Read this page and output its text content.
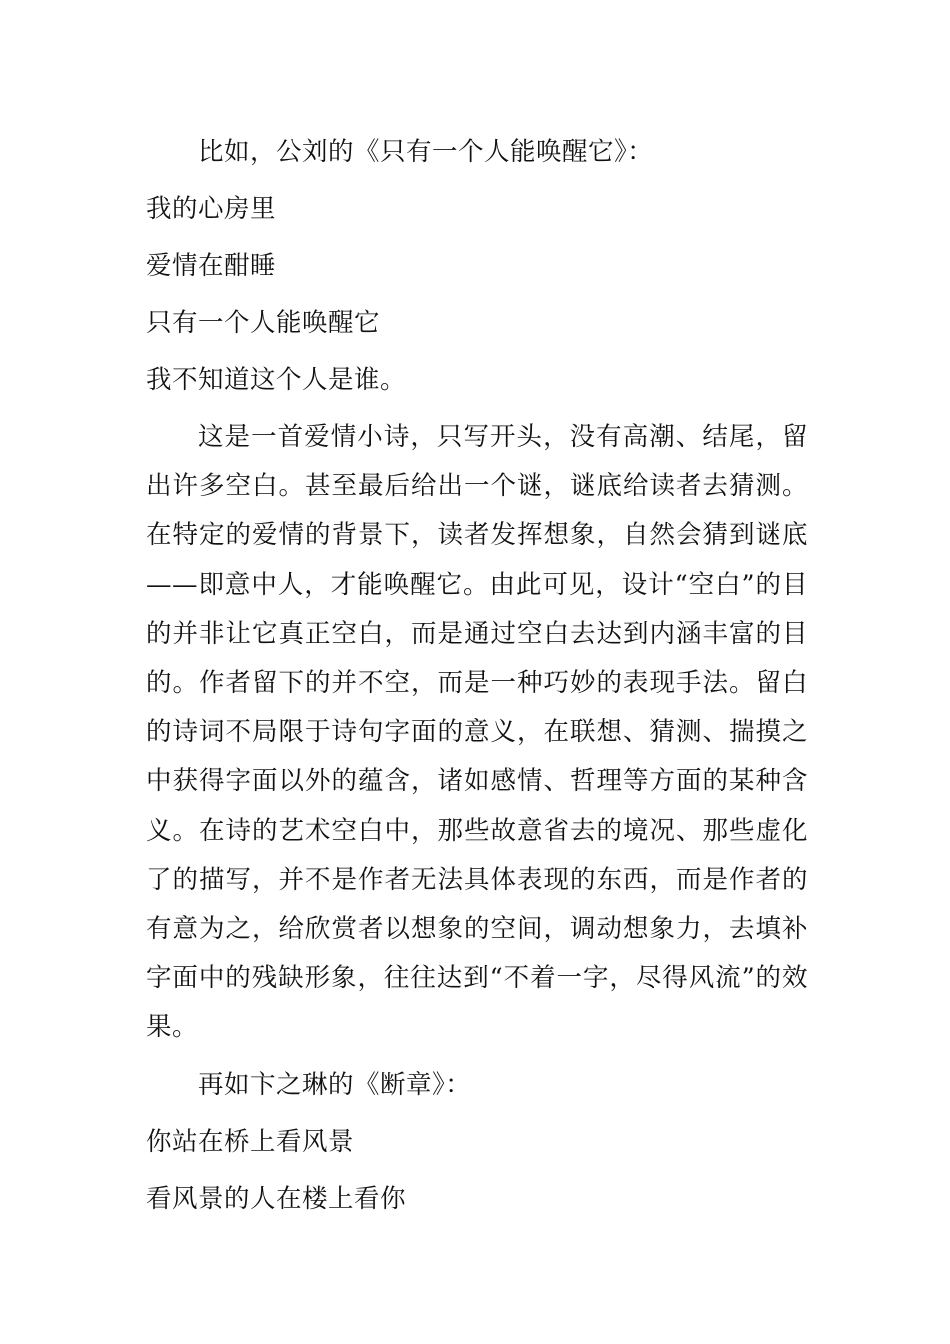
比如，公刘的《只有一个人能唤醒它》：

我的心房里

爱情在酣睡

只有一个人能唤醒它

我不知道这个人是谁。

这是一首爱情小诗，只写开头，没有高潮、结尾，留出许多空白。甚至最后给出一个谜，谜底给读者去猜测。在特定的爱情的背景下，读者发挥想象，自然会猜到谜底——即意中人，才能唤醒它。由此可见，设计“空白”的目的并非让它真正空白，而是通过空白去达到内涵丰富的目的。作者留下的并不空，而是一种巧妙的表现手法。留白的诗词不局限于诗句字面的意义，在联想、猜测、揣摸之中获得字面以外的蕴含，诸如感情、哲理等方面的某种含义。在诗的艺术空白中，那些故意省去的境况、那些虚化了的描写，并不是作者无法具体表现的东西，而是作者的有意为之，给欣赏者以想象的空间，调动想象力，去填补字面中的残缺形象，往往达到“不着一字，尽得风流”的效果。

再如卞之琳的《断章》：

你站在桥上看风景

看风景的人在楼上看你
